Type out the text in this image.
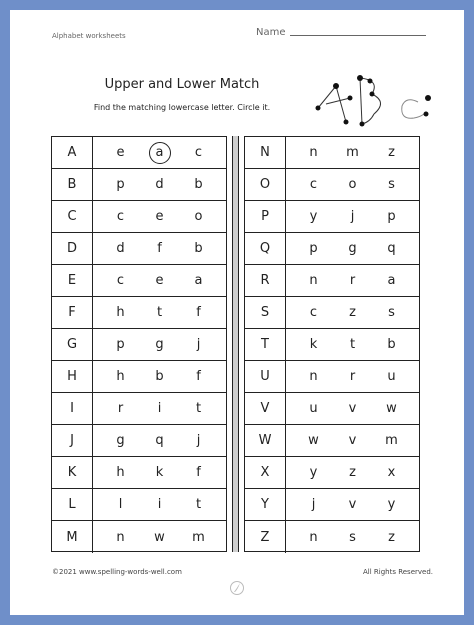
Alphabet worksheets	Name
Upper and Lower Match
Find the matching lowercase letter. Circle it.
A	e	a	c
B	p	d	b
C	c	e	o
D	d	f	b
E	c	e	a
F	h	t	f
G	p	g	j
H	h	b	f
I	r	i	t
J	g	q	j
K	h	k	f
L	l	i	t
M	n	w	m
N	n	m	z
O	c	o	s
P	y	j	p
Q	p	g	q
R	n	r	a
S	c	z	s
T	k	t	b
U	n	r	u
V	u	v	w
W	w	v	m
X	y	z	x
Y	j	v	y
Z	n	s	z
©2021 www.spelling-words-well.com	All Rights Reserved.
